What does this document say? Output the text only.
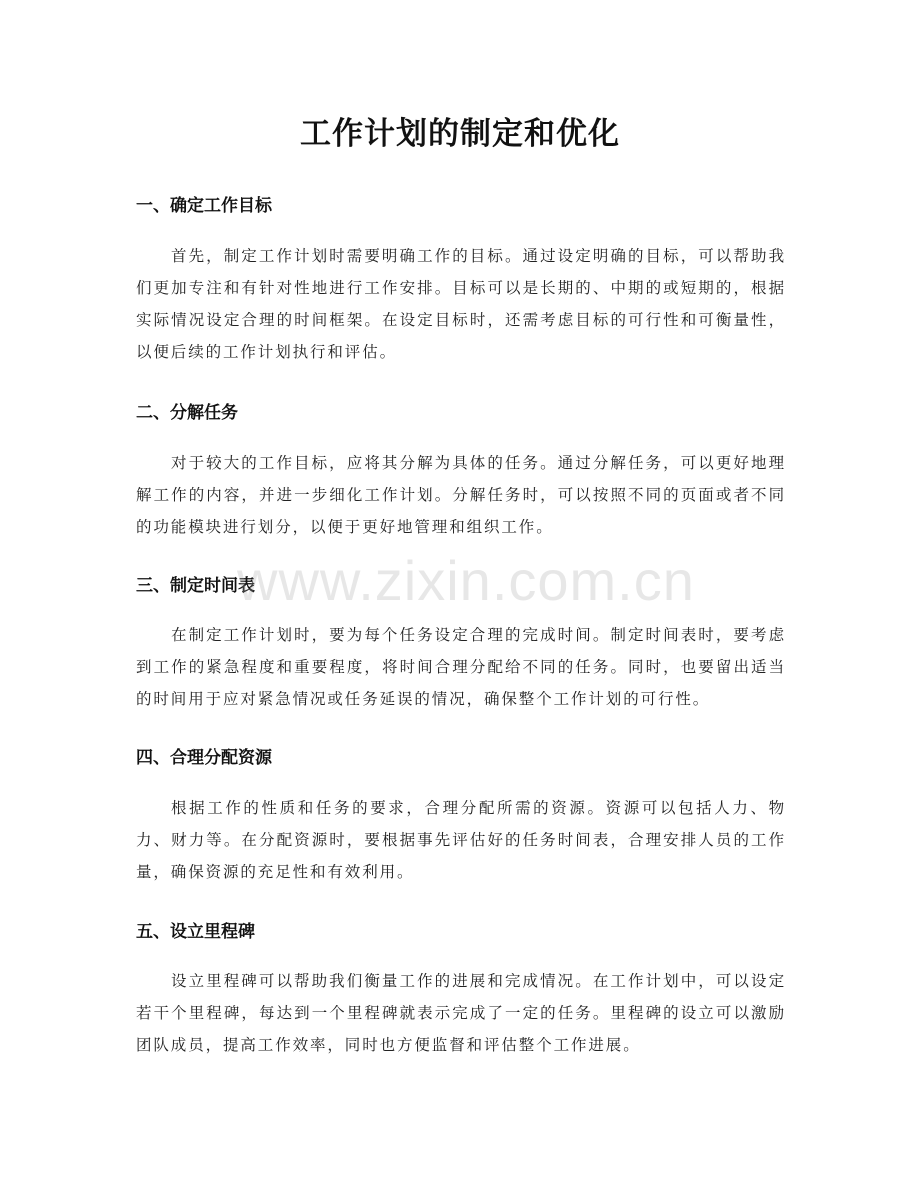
工作计划的制定和优化
一、确定工作目标

首先，制定工作计划时需要明确工作的目标。通过设定明确的目标，可以帮助我们更加专注和有针对性地进行工作安排。目标可以是长期的、中期的或短期的，根据实际情况设定合理的时间框架。在设定目标时，还需考虑目标的可行性和可衡量性，以便后续的工作计划执行和评估。

二、分解任务

对于较大的工作目标，应将其分解为具体的任务。通过分解任务，可以更好地理解工作的内容，并进一步细化工作计划。分解任务时，可以按照不同的页面或者不同的功能模块进行划分，以便于更好地管理和组织工作。

三、制定时间表

在制定工作计划时，要为每个任务设定合理的完成时间。制定时间表时，要考虑到工作的紧急程度和重要程度，将时间合理分配给不同的任务。同时，也要留出适当的时间用于应对紧急情况或任务延误的情况，确保整个工作计划的可行性。

四、合理分配资源

根据工作的性质和任务的要求，合理分配所需的资源。资源可以包括人力、物力、财力等。在分配资源时，要根据事先评估好的任务时间表，合理安排人员的工作量，确保资源的充足性和有效利用。

五、设立里程碑

设立里程碑可以帮助我们衡量工作的进展和完成情况。在工作计划中，可以设定若干个里程碑，每达到一个里程碑就表示完成了一定的任务。里程碑的设立可以激励团队成员，提高工作效率，同时也方便监督和评估整个工作进展。

www.zixin.com.cn
